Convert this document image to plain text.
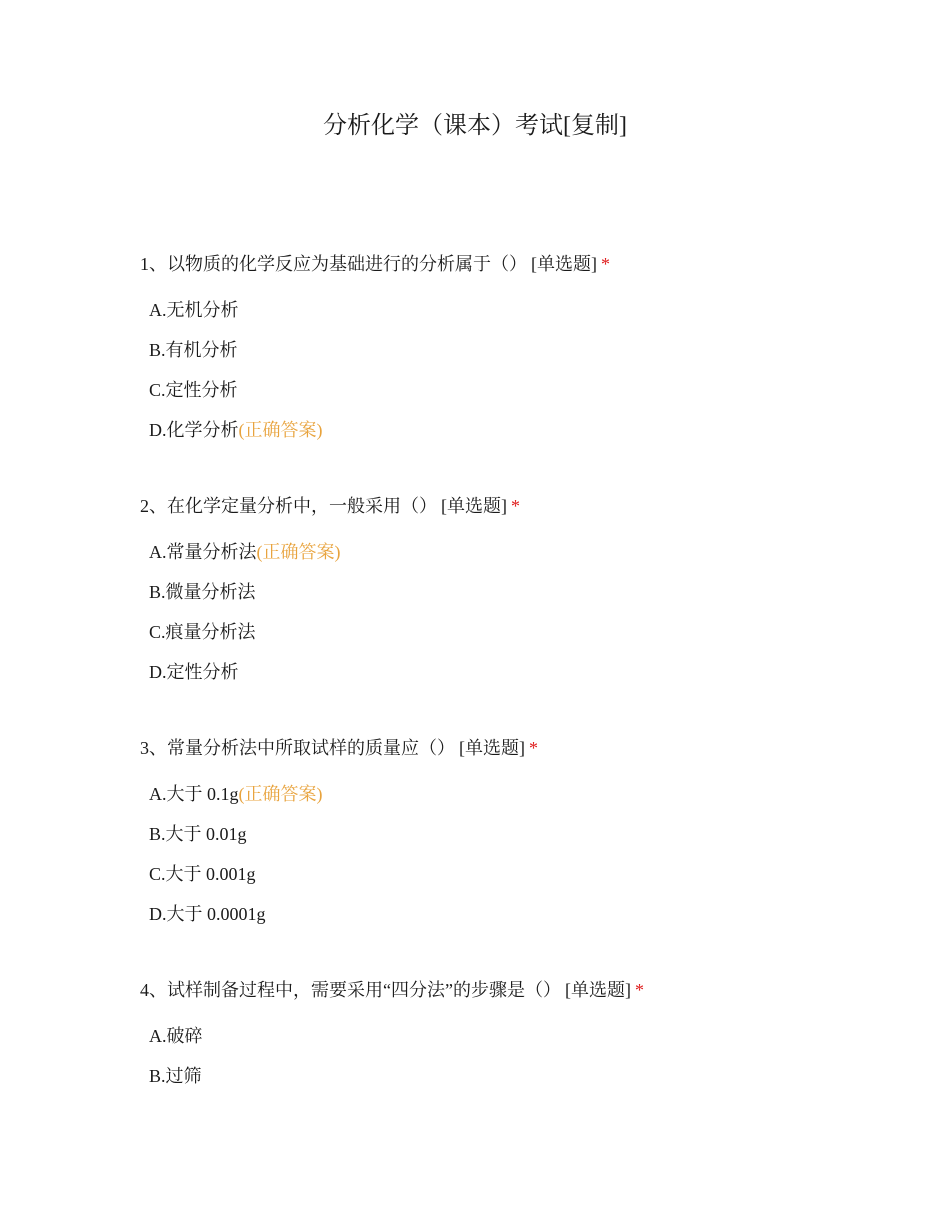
分析化学（课本）考试[复制]

1、以物质的化学反应为基础进行的分析属于（） [单选题] *

A.无机分析
B.有机分析
C.定性分析
D.化学分析(正确答案)

2、在化学定量分析中，一般采用（） [单选题] *

A.常量分析法(正确答案)
B.微量分析法
C.痕量分析法
D.定性分析

3、常量分析法中所取试样的质量应（） [单选题] *

A.大于 0.1g(正确答案)
B.大于 0.01g
C.大于 0.001g
D.大于 0.0001g

4、试样制备过程中，需要采用“四分法”的步骤是（） [单选题] *

A.破碎
B.过筛
